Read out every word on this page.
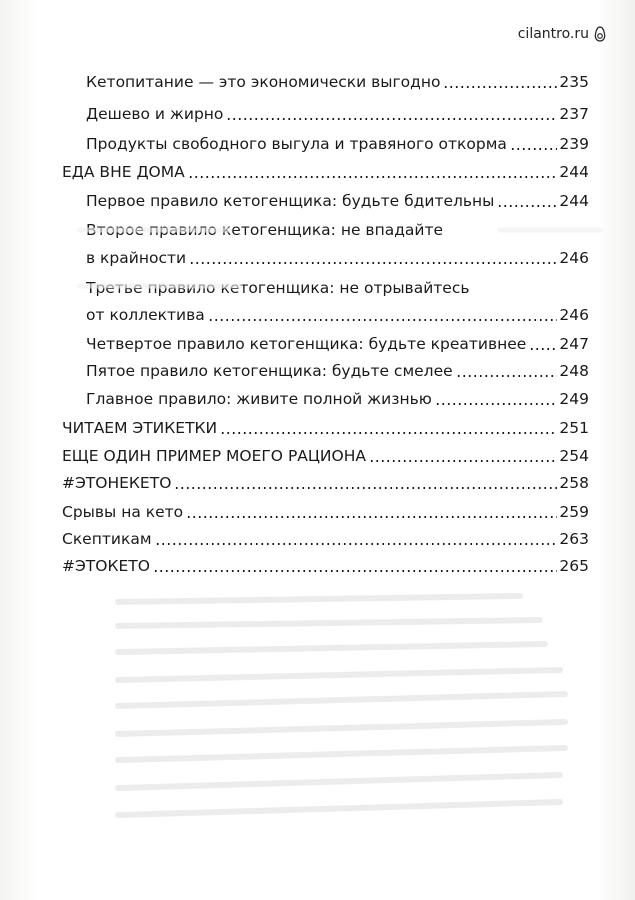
cilantro.ru
Кетопитание — это экономически выгодно	235
Дешево и жирно	237
Продукты свободного выгула и травяного откорма	239
ЕДА ВНЕ ДОМА	244
Первое правило кетогенщика: будьте бдительны	244
Второе правило кетогенщика: не впадайте
в крайности	246
Третье правило кетогенщика: не отрывайтесь
от коллектива	246
Четвертое правило кетогенщика: будьте креативнее 247
Пятое правило кетогенщика: будьте смелее	248
Главное правило: живите полной жизнью	249
ЧИТАЕМ ЭТИКЕТКИ	251
ЕЩЕ ОДИН ПРИМЕР МОЕГО РАЦИОНА	254
#ЭТОНЕКЕТО	258
Срывы на кето	259
Скептикам	263
#ЭТОКЕТО	265
